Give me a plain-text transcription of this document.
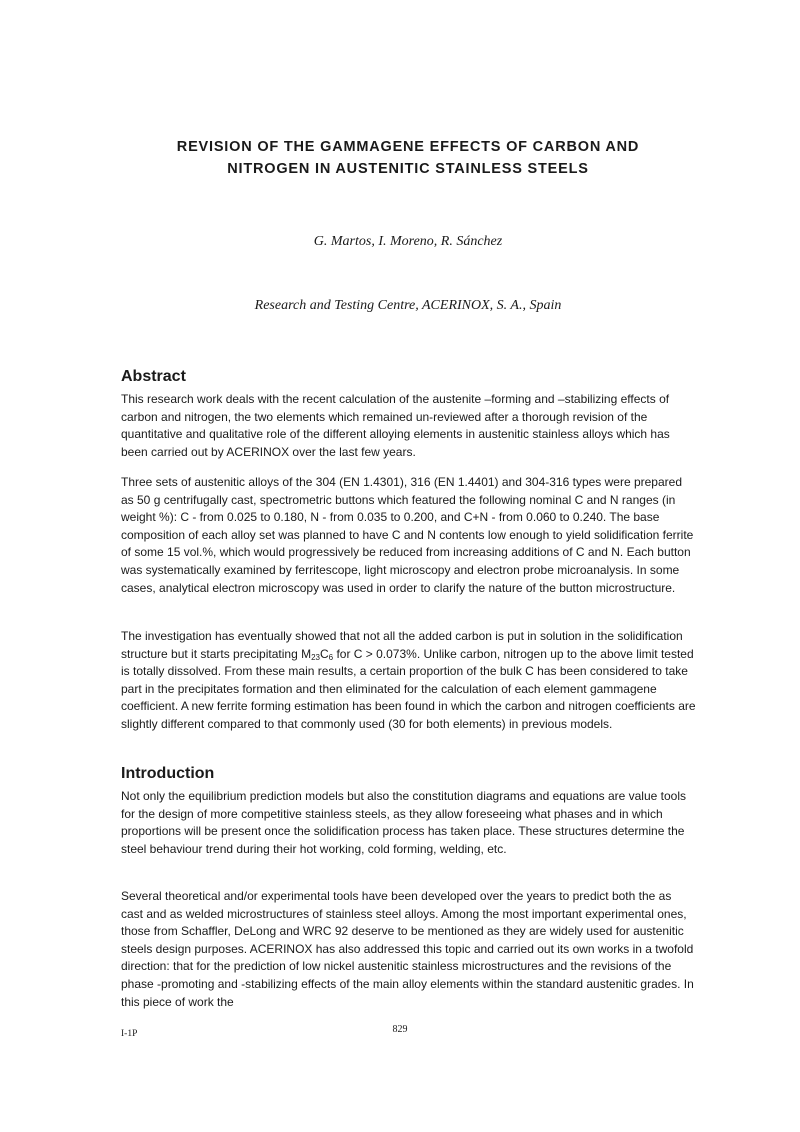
REVISION OF THE GAMMAGENE EFFECTS OF CARBON AND
NITROGEN IN AUSTENITIC STAINLESS STEELS

G. Martos, I. Moreno, R. Sánchez

Research and Testing Centre, ACERINOX, S. A., Spain

Abstract

This research work deals with the recent calculation of the austenite –forming and –stabilizing effects of carbon and nitrogen, the two elements which remained un-reviewed after a thorough revision of the quantitative and qualitative role of the different alloying elements in austenitic stainless alloys which has been carried out by ACERINOX over the last few years.

Three sets of austenitic alloys of the 304 (EN 1.4301), 316 (EN 1.4401) and 304-316 types were prepared as 50 g centrifugally cast, spectrometric buttons which featured the following nominal C and N ranges (in weight %): C - from 0.025 to 0.180, N - from 0.035 to 0.200, and C+N - from 0.060 to 0.240. The base composition of each alloy set was planned to have C and N contents low enough to yield solidification ferrite of some 15 vol.%, which would progressively be reduced from increasing additions of C and N. Each button was systematically examined by ferritescope, light microscopy and electron probe microanalysis. In some cases, analytical electron microscopy was used in order to clarify the nature of the button microstructure.

The investigation has eventually showed that not all the added carbon is put in solution in the solidification structure but it starts precipitating $M_{23}C_6$ for C > 0.073%. Unlike carbon, nitrogen up to the above limit tested is totally dissolved. From these main results, a certain proportion of the bulk C has been considered to take part in the precipitates formation and then eliminated for the calculation of each element gammagene coefficient. A new ferrite forming estimation has been found in which the carbon and nitrogen coefficients are slightly different compared to that commonly used (30 for both elements) in previous models.

Introduction

Not only the equilibrium prediction models but also the constitution diagrams and equations are value tools for the design of more competitive stainless steels, as they allow foreseeing what phases and in which proportions will be present once the solidification process has taken place. These structures determine the steel behaviour trend during their hot working, cold forming, welding, etc.

Several theoretical and/or experimental tools have been developed over the years to predict both the as cast and as welded microstructures of stainless steel alloys. Among the most important experimental ones, those from Schaffler, DeLong and WRC 92 deserve to be mentioned as they are widely used for austenitic steels design purposes. ACERINOX has also addressed this topic and carried out its own works in a twofold direction: that for the prediction of low nickel austenitic stainless microstructures and the revisions of the phase -promoting and -stabilizing effects of the main alloy elements within the standard austenitic grades. In this piece of work the

I-1P	829
